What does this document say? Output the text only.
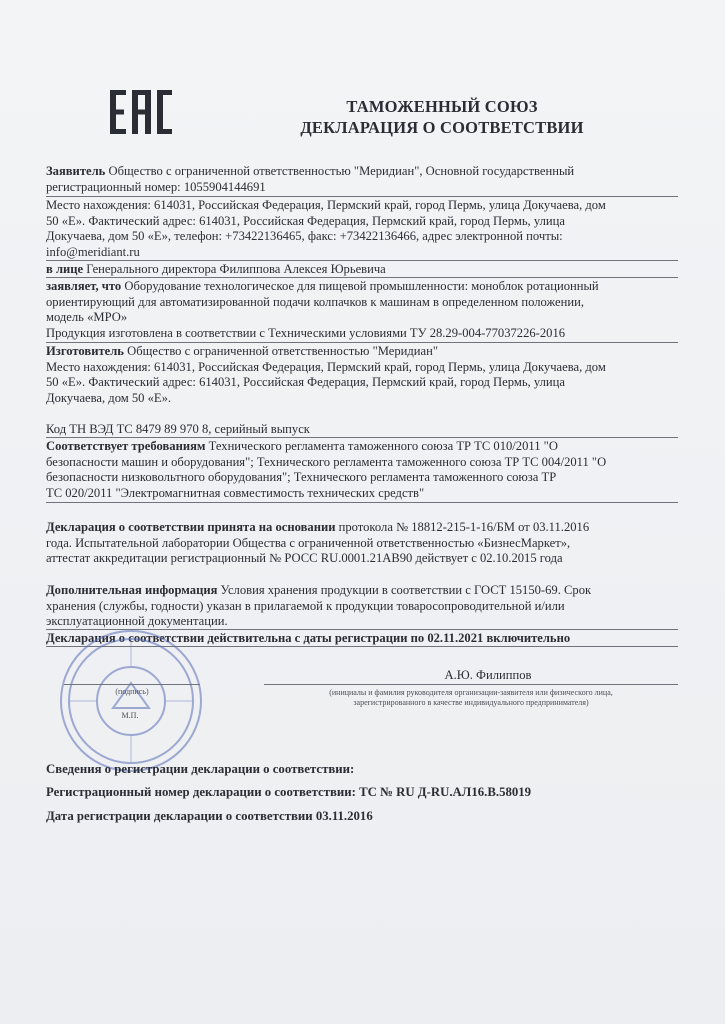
ТАМОЖЕННЫЙ СОЮЗ
ДЕКЛАРАЦИЯ О СООТВЕТСТВИИ
Заявитель Общество с ограниченной ответственностью "Меридиан", Основной государственный
регистрационный номер: 1055904144691
Место нахождения: 614031, Российская Федерация, Пермский край, город Пермь, улица Докучаева, дом
50 «Е». Фактический адрес: 614031, Российская Федерация, Пермский край, город Пермь, улица
Докучаева, дом 50 «Е», телефон: +73422136465, факс: +73422136466, адрес электронной почты:
info@meridiant.ru
в лице Генерального директора Филиппова Алексея Юрьевича
заявляет, что Оборудование технологическое для пищевой промышленности: моноблок ротационный
ориентирующий для автоматизированной подачи колпачков к машинам в определенном положении,
модель «МРО»
Продукция изготовлена в соответствии с Техническими условиями ТУ 28.29-004-77037226-2016
Изготовитель Общество с ограниченной ответственностью "Меридиан"
Место нахождения: 614031, Российская Федерация, Пермский край, город Пермь, улица Докучаева, дом
50 «Е». Фактический адрес: 614031, Российская Федерация, Пермский край, город Пермь, улица
Докучаева, дом 50 «Е».
Код ТН ВЭД ТС 8479 89 970 8, серийный выпуск
Соответствует требованиям Технического регламента таможенного союза ТР ТС 010/2011 "О
безопасности машин и оборудования"; Технического регламента таможенного союза ТР ТС 004/2011 "О
безопасности низковольтного оборудования"; Технического регламента таможенного союза ТР
ТС 020/2011 "Электромагнитная совместимость технических средств"
Декларация о соответствии принята на основании протокола № 18812-215-1-16/БМ от 03.11.2016
года. Испытательной лаборатории Общества с ограниченной ответственностью «БизнесМаркет»,
аттестат аккредитации регистрационный № РОСС RU.0001.21АВ90 действует с 02.10.2015 года
Дополнительная информация Условия хранения продукции в соответствии с ГОСТ 15150-69. Срок
хранения (службы, годности) указан в прилагаемой к продукции товаросопроводительной и/или
эксплуатационной документации.
Декларация о соответствии действительна с даты регистрации по 02.11.2021 включительно
(подпись)
М.П.
А.Ю. Филиппов
(инициалы и фамилия руководителя организации-заявителя или физического лица,
зарегистрированного в качестве индивидуального предпринимателя)
Сведения о регистрации декларации о соответствии:
Регистрационный номер декларации о соответствии: ТС № RU Д-RU.АЛ16.В.58019
Дата регистрации декларации о соответствии 03.11.2016
